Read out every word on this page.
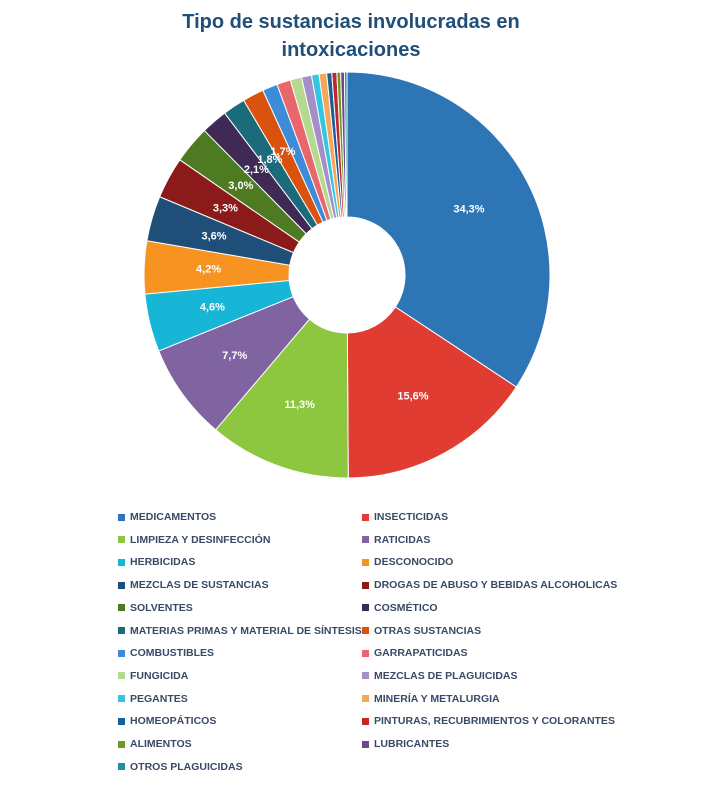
Tipo de sustancias involucradas en
intoxicaciones
34,3%
15,6%
11,3%
7,7%
4,6%
4,2%
3,6%
3,3%
3,0%
2,1%
1,8%
1,7%
MEDICAMENTOS	INSECTICIDAS
LIMPIEZA Y DESINFECCIÓN	RATICIDAS
HERBICIDAS	DESCONOCIDO
MEZCLAS DE SUSTANCIAS	DROGAS DE ABUSO Y BEBIDAS ALCOHOLICAS
SOLVENTES	COSMÉTICO
MATERIAS PRIMAS Y MATERIAL DE SÍNTESIS OTRAS SUSTANCIAS
COMBUSTIBLES	GARRAPATICIDAS
FUNGICIDA	MEZCLAS DE PLAGUICIDAS
PEGANTES	MINERÍA Y METALURGIA
HOMEOPÁTICOS	PINTURAS, RECUBRIMIENTOS Y COLORANTES
ALIMENTOS	LUBRICANTES
OTROS PLAGUICIDAS
